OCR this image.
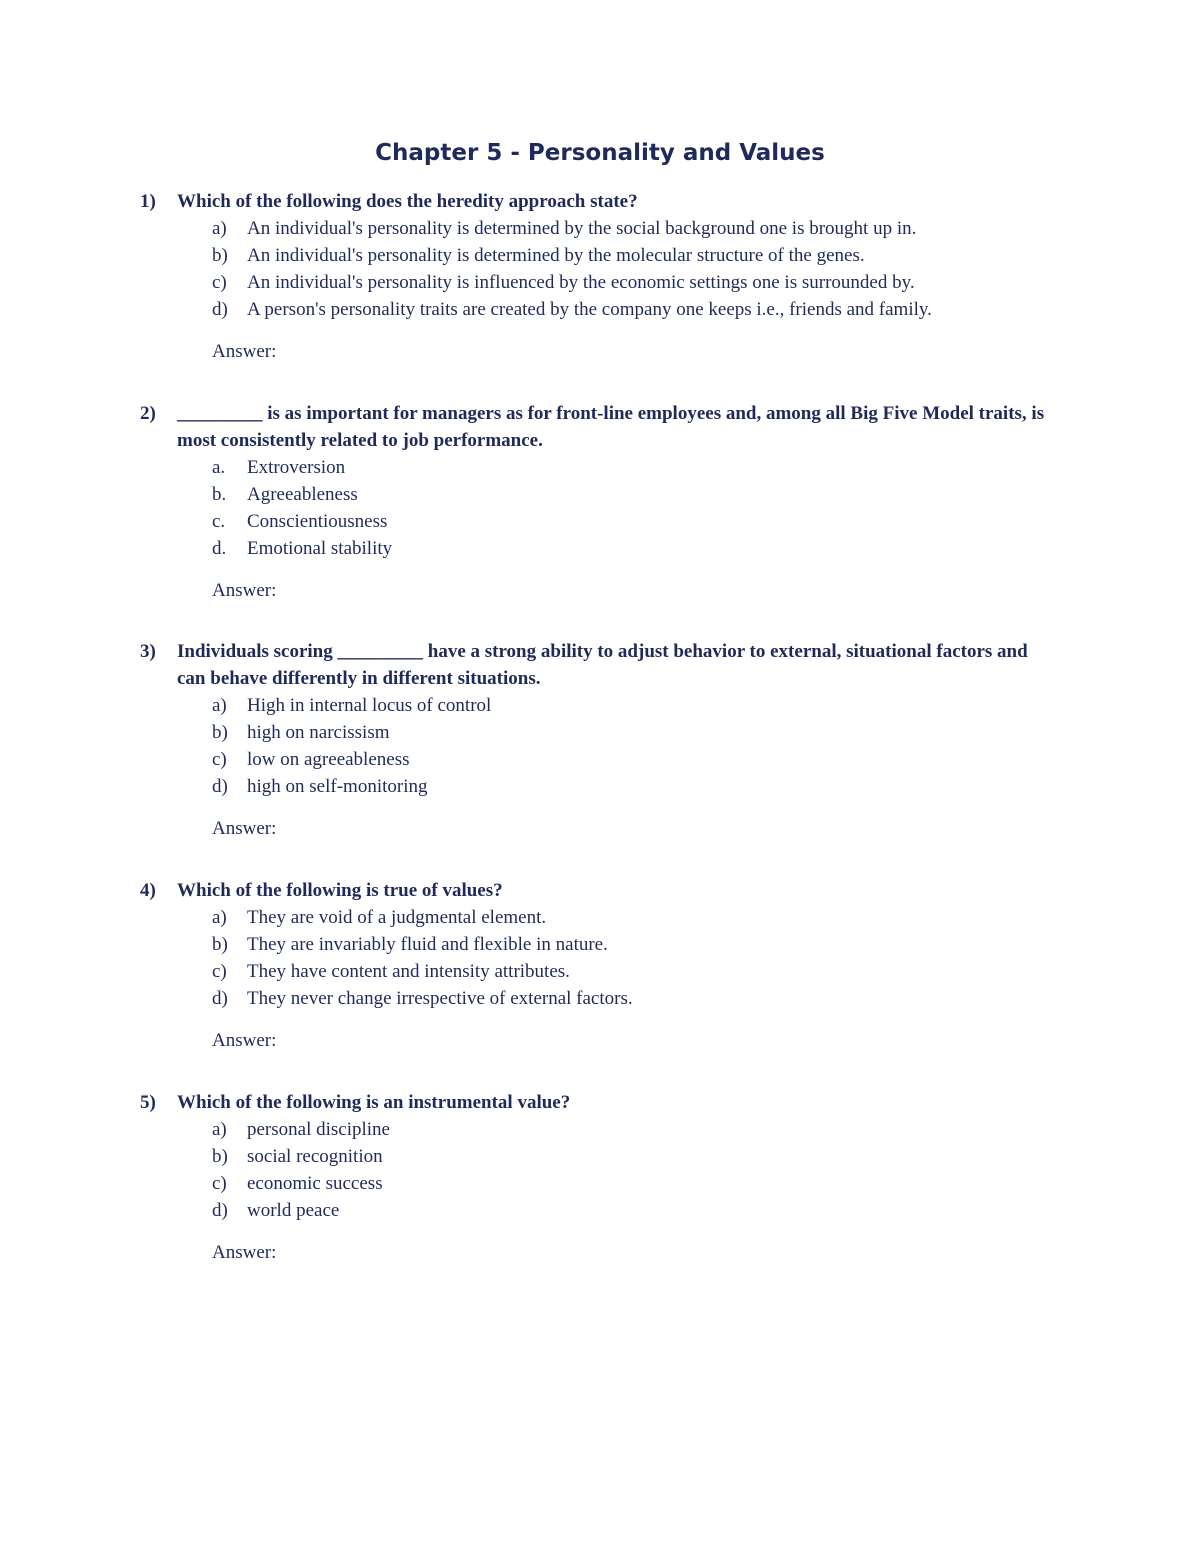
Chapter 5 - Personality and Values
1)	Which of the following does the heredity approach state?
a)	An individual's personality is determined by the social background one is brought up in.
b)	An individual's personality is determined by the molecular structure of the genes.
c)	An individual's personality is influenced by the economic settings one is surrounded by.
d)	A person's personality traits are created by the company one keeps i.e., friends and family.
Answer:
2)	_________ is as important for managers as for front-line employees and, among all Big Five Model traits, is most consistently related to job performance.
a.	Extroversion
b.	Agreeableness
c.	Conscientiousness
d.	Emotional stability
Answer:
3)	Individuals scoring _________ have a strong ability to adjust behavior to external, situational factors and can behave differently in different situations.
a)	High in internal locus of control
b)	high on narcissism
c)	low on agreeableness
d)	high on self-monitoring
Answer:
4)	Which of the following is true of values?
a)	They are void of a judgmental element.
b)	They are invariably fluid and flexible in nature.
c)	They have content and intensity attributes.
d)	They never change irrespective of external factors.
Answer:
5)	Which of the following is an instrumental value?
a)	personal discipline
b)	social recognition
c)	economic success
d)	world peace
Answer:
